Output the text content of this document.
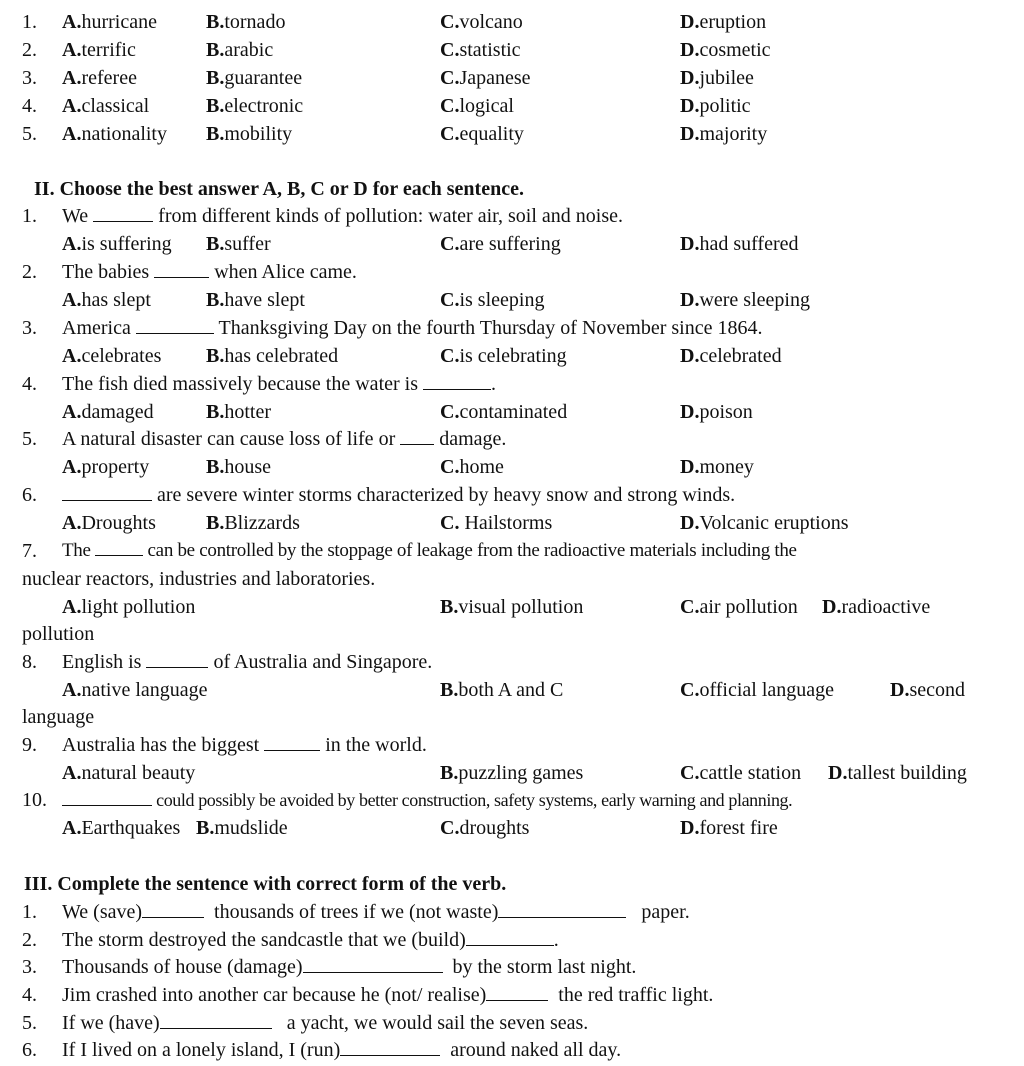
1. A.hurricane B.tornado	C.volcano	D.eruption
2. A.terrific	B.arabic	C.statistic	D.cosmetic
3. A.referee	B.guarantee	C.Japanese	D.jubilee
4. A.classical	B.electronic	C.logical	D.politic
5. A.nationality B.mobility	C.equality	D.majority
II. Choose the best answer A, B, C or D for each sentence.
1. We	from different kinds of pollution: water air, soil and noise.
A.is suffering B.suffer	C.are suffering	D.had suffered
2. The babies	when Alice came.
A.has slept	B.have slept	C.is sleeping	D.were sleeping
3. America	Thanksgiving Day on the fourth Thursday of November since 1864.
A.celebrates B.has celebrated	C.is celebrating	D.celebrated
4. The fish died massively because the water is	.
A.damaged	B.hotter	C.contaminated	D.poison
5. A natural disaster can cause loss of life or damage.
A.property	B.house	C.home	D.money
6.	are severe winter storms characterized by heavy snow and strong winds.
A.Droughts	B.Blizzards	C. Hailstorms	D.Volcanic eruptions
7. The	can be controlled by the stoppage of leakage from the radioactive materials including the
nuclear reactors, industries and laboratories.
A.light pollution	B.visual pollution	C.air pollution D.radioactive
pollution
8. English is	of Australia and Singapore.
A.native language	B.both A and C	C.official language	D.second
language
9. Australia has the biggest	in the world.
A.natural beauty	B.puzzling games	C.cattle station D.tallest building
10.	could possibly be avoided by better construction, safety systems, early warning and planning.
A.Earthquakes B.mudslide	C.droughts	D.forest fire
III. Complete the sentence with correct form of the verb.
1. We (save)	thousands of trees if we (not waste)	paper.
2. The storm destroyed the sandcastle that we (build)	.
3. Thousands of house (damage)	by the storm last night.
4. Jim crashed into another car because he (not/ realise)	the red traffic light.
5. If we (have)	a yacht, we would sail the seven seas.
6. If I lived on a lonely island, I (run)	around naked all day.
